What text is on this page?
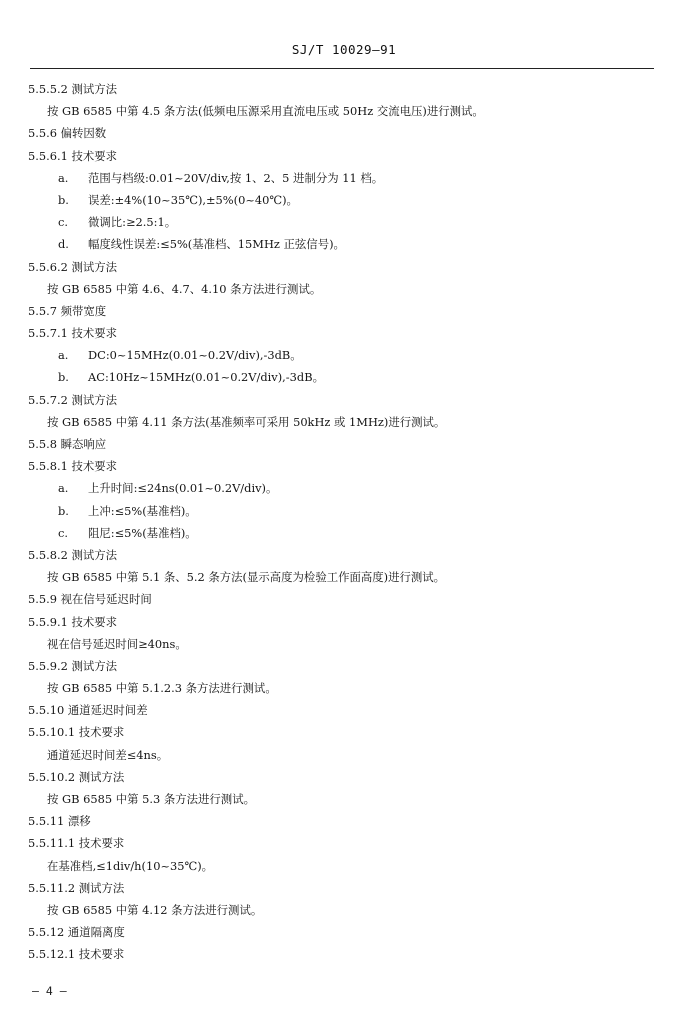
SJ/T 10029—91
5.5.5.2 测试方法
按 GB 6585 中第 4.5 条方法(低频电压源采用直流电压或 50Hz 交流电压)进行测试。
5.5.6 偏转因数
5.5.6.1 技术要求
a. 范围与档级:0.01~20V/div,按 1、2、5 进制分为 11 档。
b. 误差:±4%(10~35℃),±5%(0~40℃)。
c. 微调比:≥2.5:1。
d. 幅度线性误差:≤5%(基准档、15MHz 正弦信号)。
5.5.6.2 测试方法
按 GB 6585 中第 4.6、4.7、4.10 条方法进行测试。
5.5.7 频带宽度
5.5.7.1 技术要求
a. DC:0~15MHz(0.01~0.2V/div),-3dB。
b. AC:10Hz~15MHz(0.01~0.2V/div),-3dB。
5.5.7.2 测试方法
按 GB 6585 中第 4.11 条方法(基准频率可采用 50kHz 或 1MHz)进行测试。
5.5.8 瞬态响应
5.5.8.1 技术要求
a. 上升时间:≤24ns(0.01~0.2V/div)。
b. 上冲:≤5%(基准档)。
c. 阻尼:≤5%(基准档)。
5.5.8.2 测试方法
按 GB 6585 中第 5.1 条、5.2 条方法(显示高度为检验工作面高度)进行测试。
5.5.9 视在信号延迟时间
5.5.9.1 技术要求
视在信号延迟时间≥40ns。
5.5.9.2 测试方法
按 GB 6585 中第 5.1.2.3 条方法进行测试。
5.5.10 通道延迟时间差
5.5.10.1 技术要求
通道延迟时间差≤4ns。
5.5.10.2 测试方法
按 GB 6585 中第 5.3 条方法进行测试。
5.5.11 漂移
5.5.11.1 技术要求
在基准档,≤1div/h(10~35℃)。
5.5.11.2 测试方法
按 GB 6585 中第 4.12 条方法进行测试。
5.5.12 通道隔离度
5.5.12.1 技术要求
— 4 —
